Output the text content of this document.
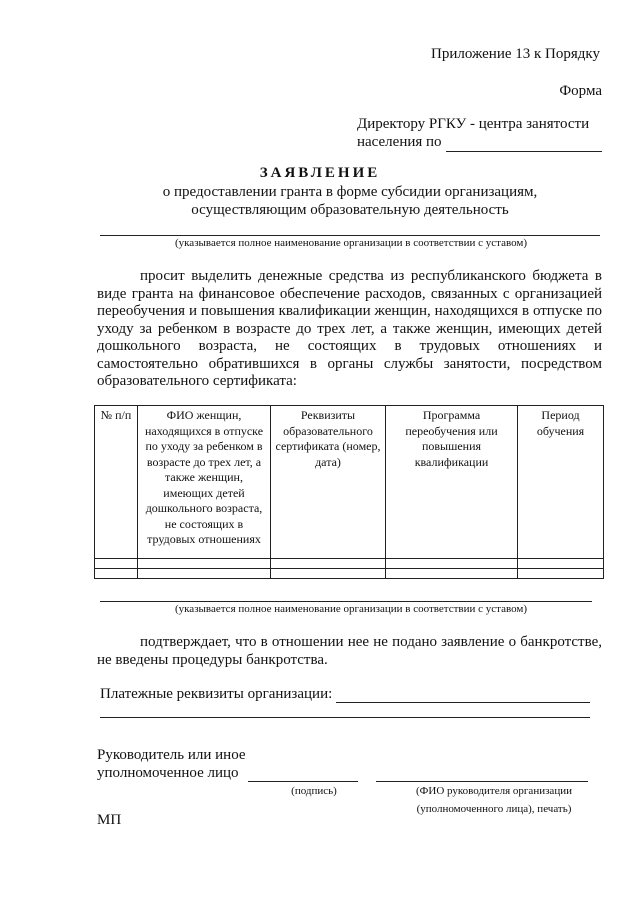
Приложение 13 к Порядку
Форма
Директору РГКУ - центра занятости
населения по
ЗАЯВЛЕНИЕ
о предоставлении гранта в форме субсидии организациям,
осуществляющим образовательную деятельность
(указывается полное наименование организации в соответствии с уставом)
просит выделить денежные средства из республиканского бюджета в виде гранта на финансовое обеспечение расходов, связанных с организацией переобучения и повышения квалификации женщин, находящихся в отпуске по уходу за ребенком в возрасте до трех лет, а также женщин, имеющих детей дошкольного возраста, не состоящих в трудовых отношениях и самостоятельно обратившихся в органы службы занятости, посредством образовательного сертификата:
№ п/п	ФИО женщин, находящихся в отпуске по уходу за ребенком в возрасте до трех лет, а также женщин, имеющих детей дошкольного возраста, не состоящих в трудовых отношениях	Реквизиты образовательного сертификата (номер, дата)	Программа переобучения или повышения квалификации	Период обучения

(указывается полное наименование организации в соответствии с уставом)
подтверждает, что в отношении нее не подано заявление о банкротстве, не введены процедуры банкротства.
Платежные реквизиты организации:
Руководитель или иное
уполномоченное лицо
(подпись)	(ФИО руководителя организации
(уполномоченного лица), печать)
МП
